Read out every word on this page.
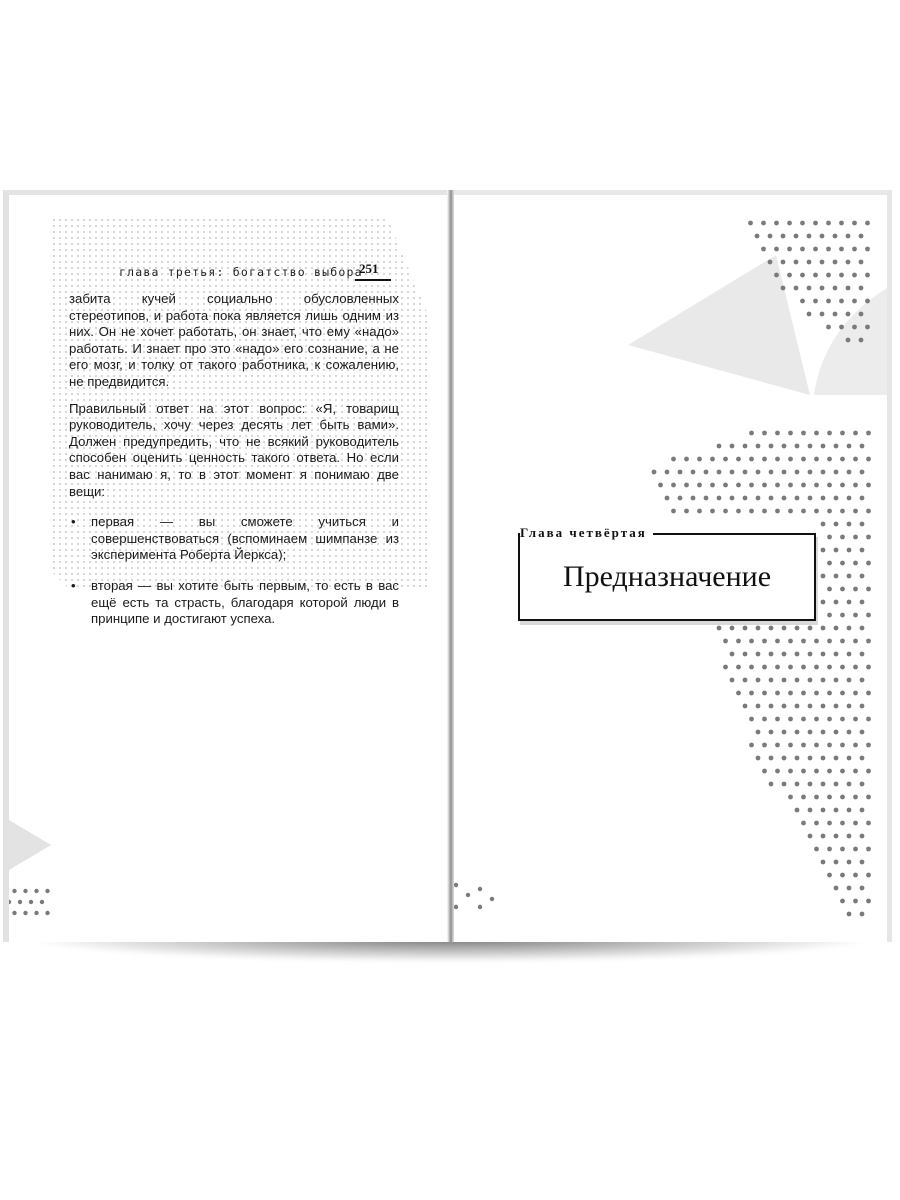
глава третья: богатство выбора
251

забита кучей социально обусловленных стереотипов, и работа пока является лишь одним из них. Он не хочет работать, он знает, что ему «надо» работать. И знает про это «надо» его сознание, а не его мозг, и толку от такого работника, к сожалению, не предвидится.

Правильный ответ на этот вопрос: «Я, товарищ руководитель, хочу через десять лет быть вами». Должен предупредить, что не всякий руководитель способен оценить ценность такого ответа. Но если вас нанимаю я, то в этот момент я понимаю две вещи:

• первая — вы сможете учиться и совершенствоваться (вспоминаем шимпанзе из эксперимента Роберта Йеркса);
• вторая — вы хотите быть первым, то есть в вас ещё есть та страсть, благодаря которой люди в принципе и достигают успеха.
Предназначение
Глава четвёртая
